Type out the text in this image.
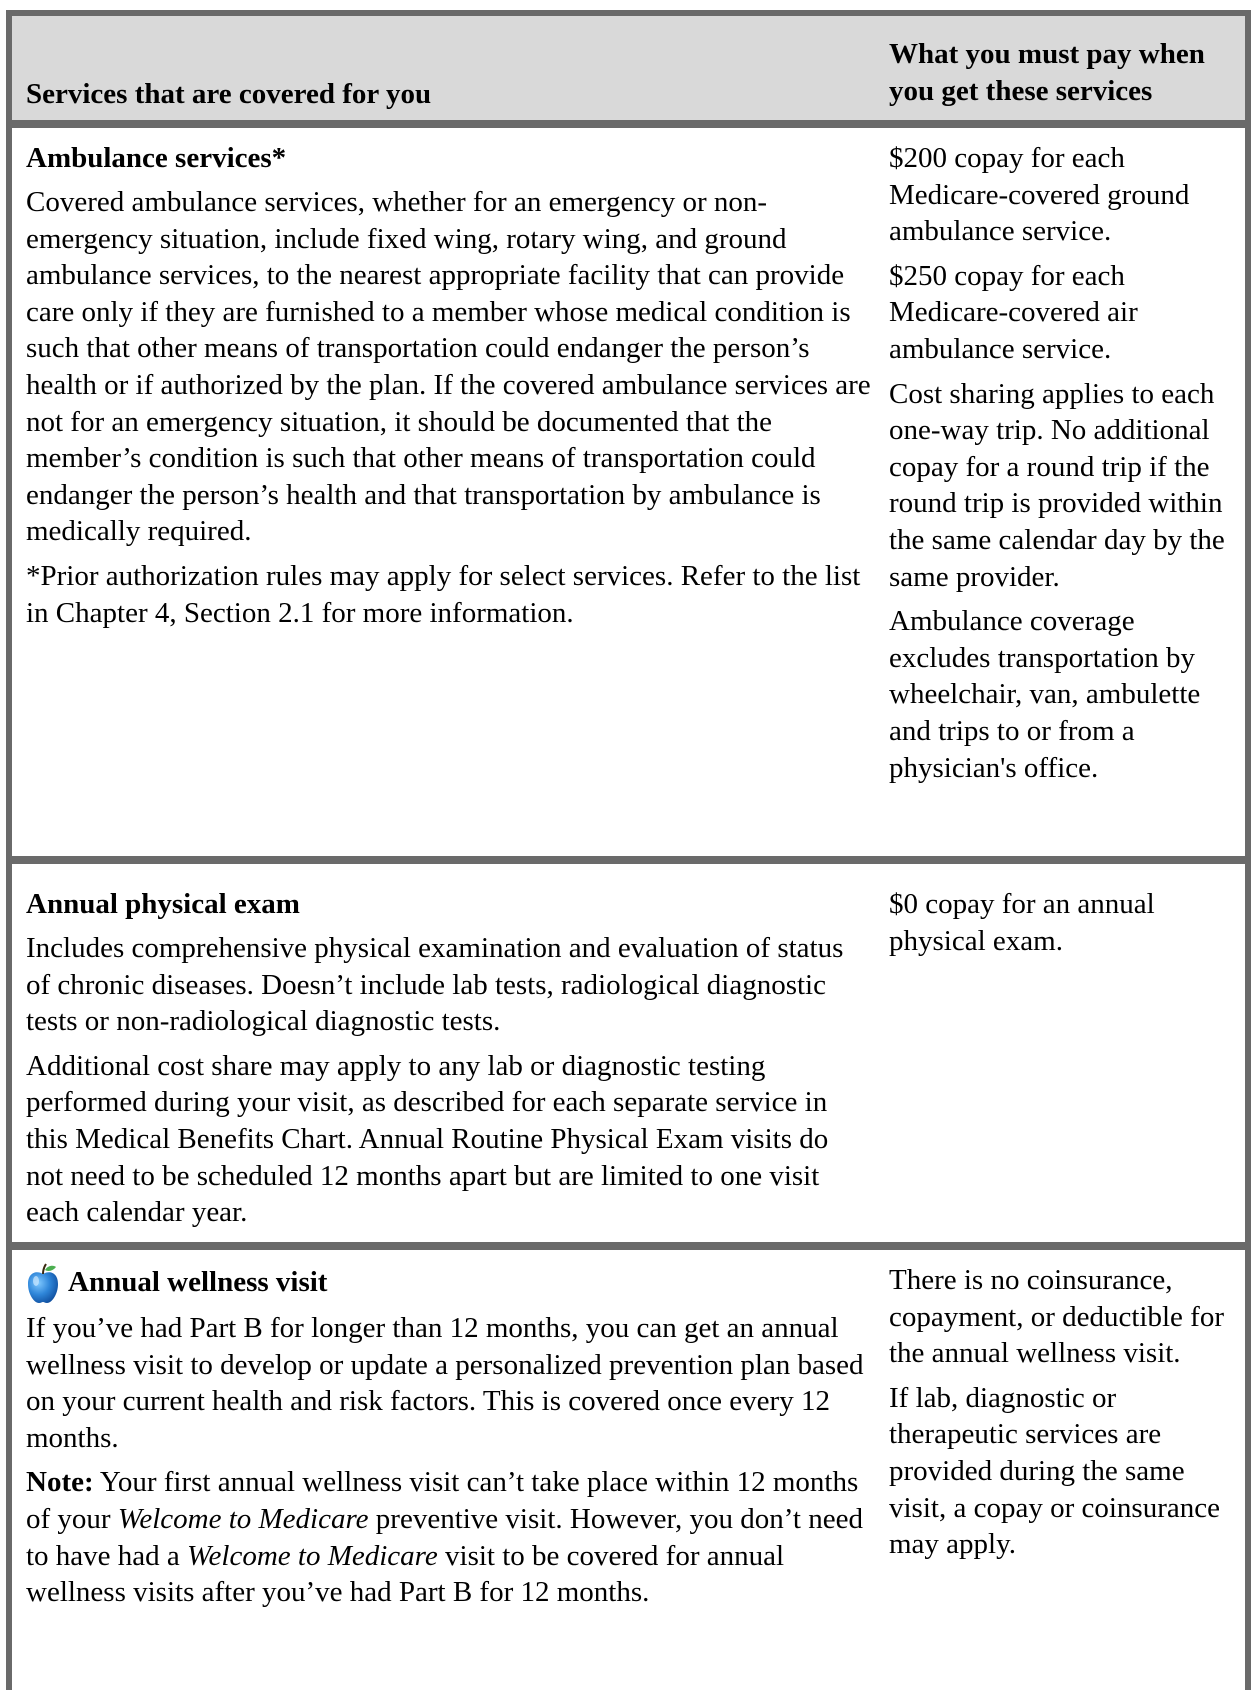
Services that are covered for you
What you must pay when you get these services
Ambulance services*

Covered ambulance services, whether for an emergency or non-emergency situation, include fixed wing, rotary wing, and ground ambulance services, to the nearest appropriate facility that can provide care only if they are furnished to a member whose medical condition is such that other means of transportation could endanger the person’s health or if authorized by the plan. If the covered ambulance services are not for an emergency situation, it should be documented that the member’s condition is such that other means of transportation could endanger the person’s health and that transportation by ambulance is medically required.

*Prior authorization rules may apply for select services. Refer to the list in Chapter 4, Section 2.1 for more information.

$200 copay for each Medicare-covered ground ambulance service.

$250 copay for each Medicare-covered air ambulance service.

Cost sharing applies to each one-way trip. No additional copay for a round trip if the round trip is provided within the same calendar day by the same provider.

Ambulance coverage excludes transportation by wheelchair, van, ambulette and trips to or from a physician's office.

Annual physical exam

Includes comprehensive physical examination and evaluation of status of chronic diseases. Doesn’t include lab tests, radiological diagnostic tests or non-radiological diagnostic tests.

Additional cost share may apply to any lab or diagnostic testing performed during your visit, as described for each separate service in this Medical Benefits Chart. Annual Routine Physical Exam visits do not need to be scheduled 12 months apart but are limited to one visit each calendar year.

$0 copay for an annual physical exam.

Annual wellness visit

If you’ve had Part B for longer than 12 months, you can get an annual wellness visit to develop or update a personalized prevention plan based on your current health and risk factors. This is covered once every 12 months.

Note: Your first annual wellness visit can’t take place within 12 months of your Welcome to Medicare preventive visit. However, you don’t need to have had a Welcome to Medicare visit to be covered for annual wellness visits after you’ve had Part B for 12 months.

There is no coinsurance, copayment, or deductible for the annual wellness visit.

If lab, diagnostic or therapeutic services are provided during the same visit, a copay or coinsurance may apply.
